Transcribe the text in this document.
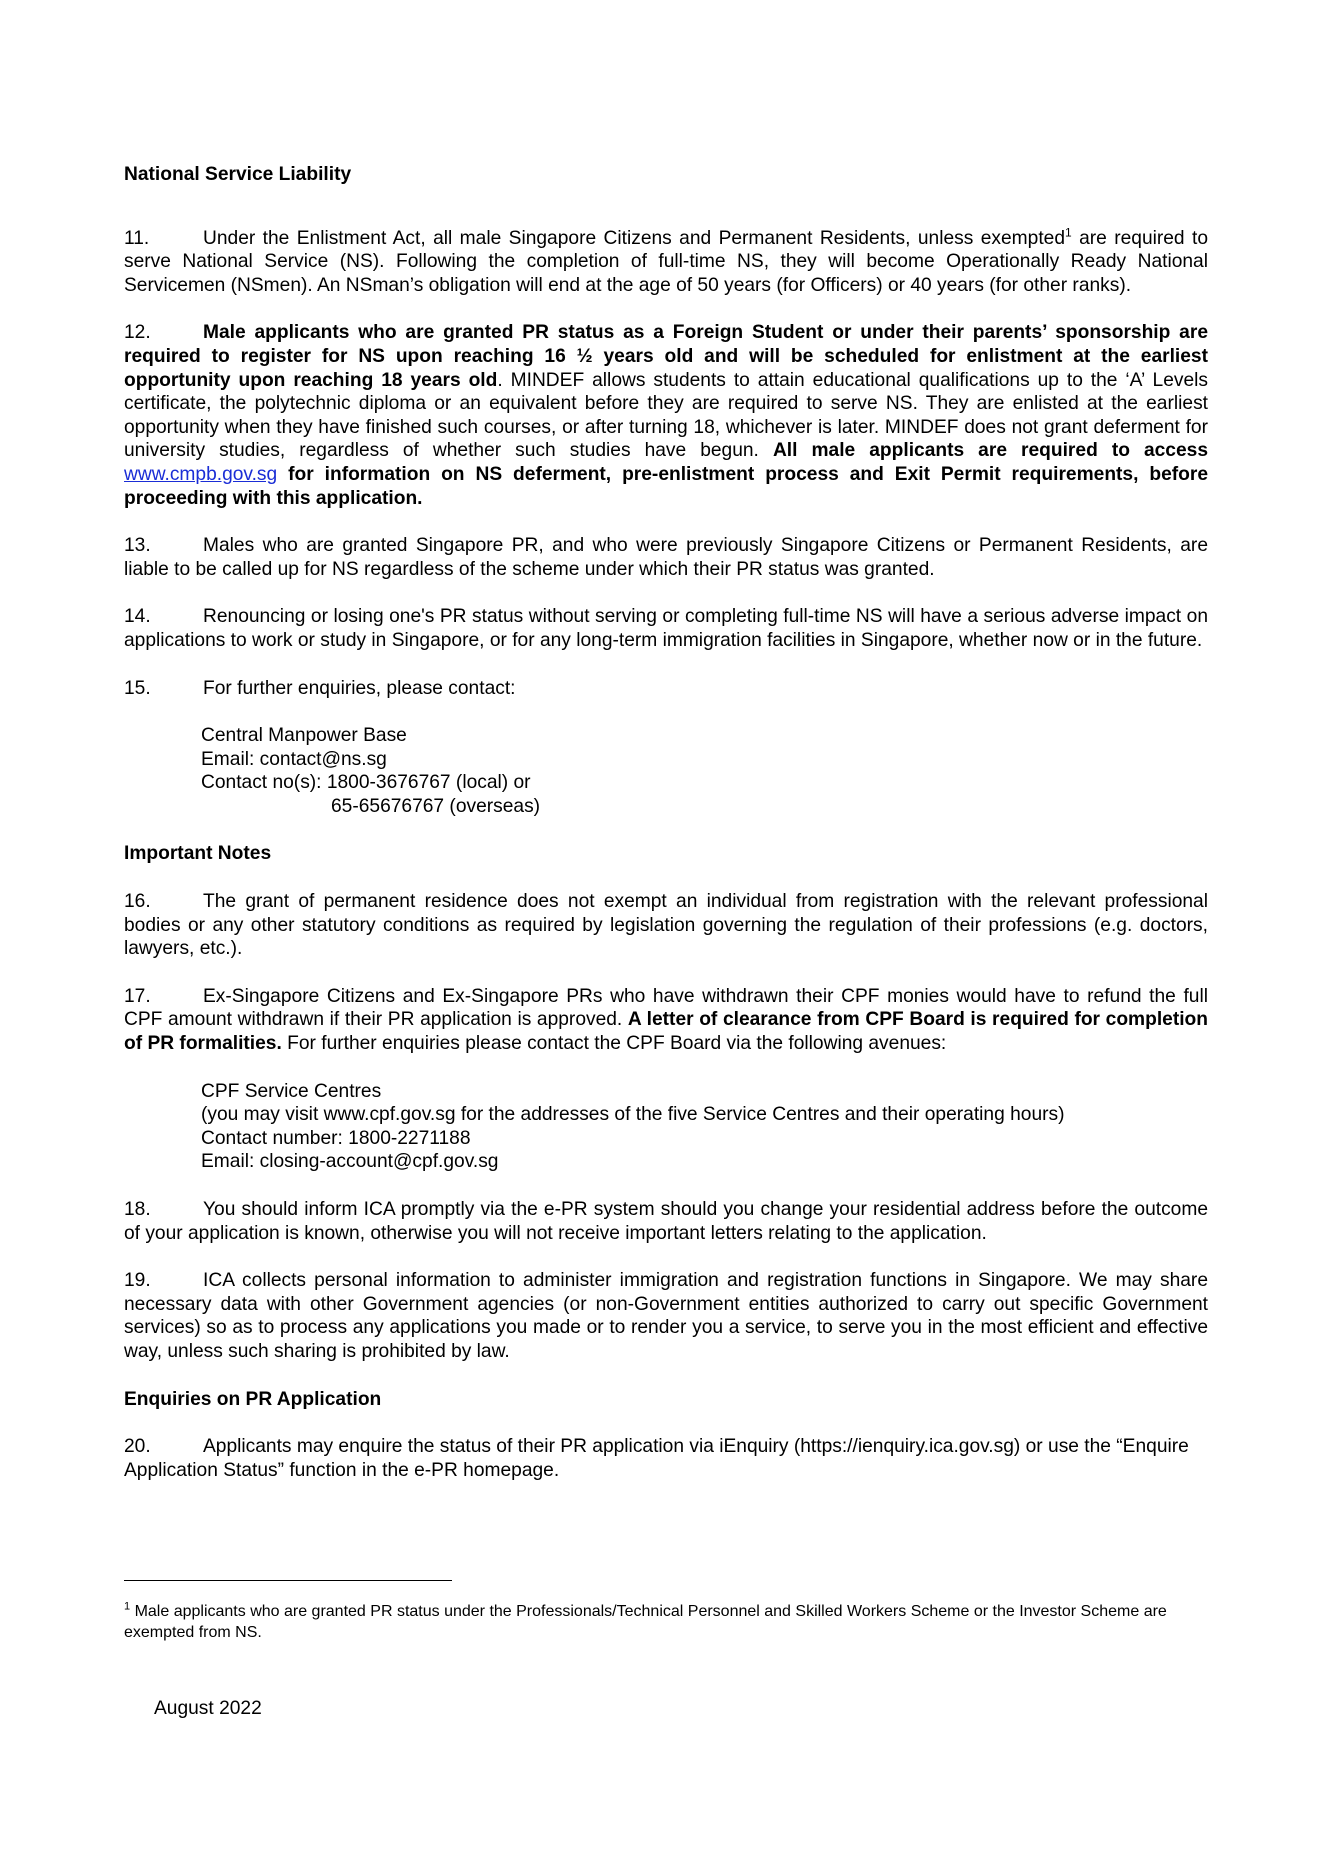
National Service Liability

11.	Under the Enlistment Act, all male Singapore Citizens and Permanent Residents, unless exempted$^1$ are required to serve National Service (NS). Following the completion of full-time NS, they will become Operationally Ready National Servicemen (NSmen). An NSman’s obligation will end at the age of 50 years (for Officers) or 40 years (for other ranks).

12.	Male applicants who are granted PR status as a Foreign Student or under their parents’ sponsorship are required to register for NS upon reaching 16 ½ years old and will be scheduled for enlistment at the earliest opportunity upon reaching 18 years old. MINDEF allows students to attain educational qualifications up to the ‘A’ Levels certificate, the polytechnic diploma or an equivalent before they are required to serve NS. They are enlisted at the earliest opportunity when they have finished such courses, or after turning 18, whichever is later. MINDEF does not grant deferment for university studies, regardless of whether such studies have begun. All male applicants are required to access www.cmpb.gov.sg for information on NS deferment, pre-enlistment process and Exit Permit requirements, before proceeding with this application.

13.	Males who are granted Singapore PR, and who were previously Singapore Citizens or Permanent Residents, are liable to be called up for NS regardless of the scheme under which their PR status was granted.

14.	Renouncing or losing one's PR status without serving or completing full-time NS will have a serious adverse impact on applications to work or study in Singapore, or for any long-term immigration facilities in Singapore, whether now or in the future.

15.	For further enquiries, please contact:

Central Manpower Base
Email: contact@ns.sg
Contact no(s): 1800-3676767 (local) or
65-65676767 (overseas)
Important Notes

16.	The grant of permanent residence does not exempt an individual from registration with the relevant professional bodies or any other statutory conditions as required by legislation governing the regulation of their professions (e.g. doctors, lawyers, etc.).

17.	Ex-Singapore Citizens and Ex-Singapore PRs who have withdrawn their CPF monies would have to refund the full CPF amount withdrawn if their PR application is approved. A letter of clearance from CPF Board is required for completion of PR formalities. For further enquiries please contact the CPF Board via the following avenues:

CPF Service Centres
(you may visit www.cpf.gov.sg for the addresses of the five Service Centres and their operating hours)
Contact number: 1800-2271188
Email: closing-account@cpf.gov.sg

18.	You should inform ICA promptly via the e-PR system should you change your residential address before the outcome of your application is known, otherwise you will not receive important letters relating to the application.

19.	ICA collects personal information to administer immigration and registration functions in Singapore. We may share necessary data with other Government agencies (or non-Government entities authorized to carry out specific Government services) so as to process any applications you made or to render you a service, to serve you in the most efficient and effective way, unless such sharing is prohibited by law.

Enquiries on PR Application

20.	Applicants may enquire the status of their PR application via iEnquiry (https://ienquiry.ica.gov.sg) or use the “Enquire Application Status” function in the e-PR homepage.

$^1$ Male applicants who are granted PR status under the Professionals/Technical Personnel and Skilled Workers Scheme or the Investor Scheme are exempted from NS.
August 2022
